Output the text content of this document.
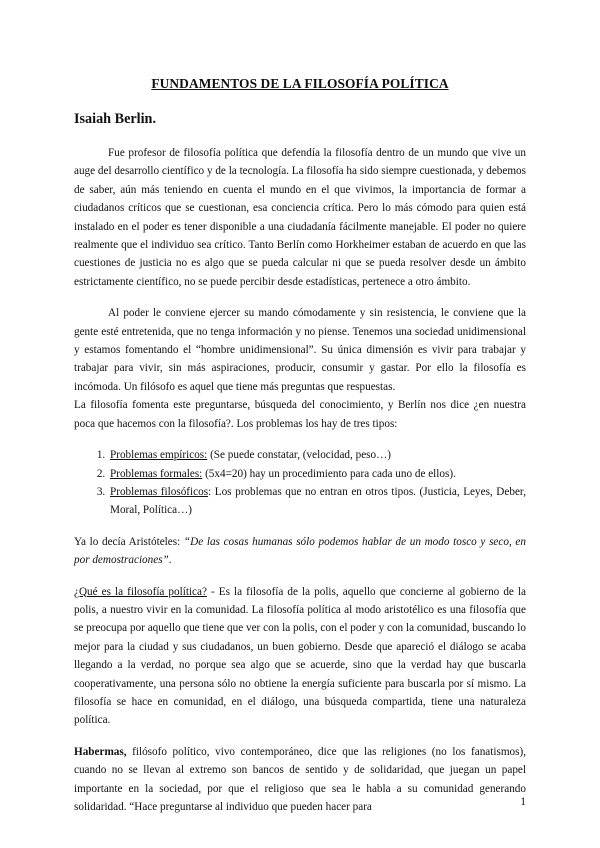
FUNDAMENTOS DE LA FILOSOFÍA POLÍTICA
Isaiah Berlin.

Fue profesor de filosofía política que defendía la filosofía dentro de un mundo que vive un auge del desarrollo científico y de la tecnología. La filosofía ha sido siempre cuestionada, y debemos de saber, aún más teniendo en cuenta el mundo en el que vivimos, la importancia de formar a ciudadanos críticos que se cuestionan, esa conciencia crítica. Pero lo más cómodo para quien está instalado en el poder es tener disponible a una ciudadanía fácilmente manejable. El poder no quiere realmente que el individuo sea crítico. Tanto Berlín como Horkheimer estaban de acuerdo en que las cuestiones de justicia no es algo que se pueda calcular ni que se pueda resolver desde un ámbito estrictamente científico, no se puede percibir desde estadísticas, pertenece a otro ámbito.

Al poder le conviene ejercer su mando cómodamente y sin resistencia, le conviene que la gente esté entretenida, que no tenga información y no piense. Tenemos una sociedad unidimensional y estamos fomentando el “hombre unidimensional”. Su única dimensión es vivir para trabajar y trabajar para vivir, sin más aspiraciones, producir, consumir y gastar. Por ello la filosofía es incómoda. Un filósofo es aquel que tiene más preguntas que respuestas.

La filosofía fomenta este preguntarse, búsqueda del conocimiento, y Berlín nos dice ¿en nuestra poca que hacemos con la filosofía?. Los problemas los hay de tres tipos:

1. Problemas empíricos: (Se puede constatar, (velocidad, peso…)
2. Problemas formales: (5x4=20) hay un procedimiento para cada uno de ellos).
3. Problemas filosóficos: Los problemas que no entran en otros tipos. (Justicia, Leyes, Deber, Moral, Política…)

Ya lo decía Aristóteles: “De las cosas humanas sólo podemos hablar de un modo tosco y seco, en por demostraciones”.

¿Qué es la filosofía política? - Es la filosofía de la polis, aquello que concierne al gobierno de la polis, a nuestro vivir en la comunidad. La filosofía política al modo aristotélico es una filosofía que se preocupa por aquello que tiene que ver con la polis, con el poder y con la comunidad, buscando lo mejor para la ciudad y sus ciudadanos, un buen gobierno. Desde que apareció el diálogo se acaba llegando a la verdad, no porque sea algo que se acuerde, sino que la verdad hay que buscarla cooperativamente, una persona sólo no obtiene la energía suficiente para buscarla por sí mismo. La filosofía se hace en comunidad, en el diálogo, una búsqueda compartida, tiene una naturaleza política.

Habermas, filósofo político, vivo contemporáneo, dice que las religiones (no los fanatismos), cuando no se llevan al extremo son bancos de sentido y de solidaridad, que juegan un papel importante en la sociedad, por que el religioso que sea le habla a su comunidad generando solidaridad. “Hace preguntarse al individuo que pueden hacer para	1
